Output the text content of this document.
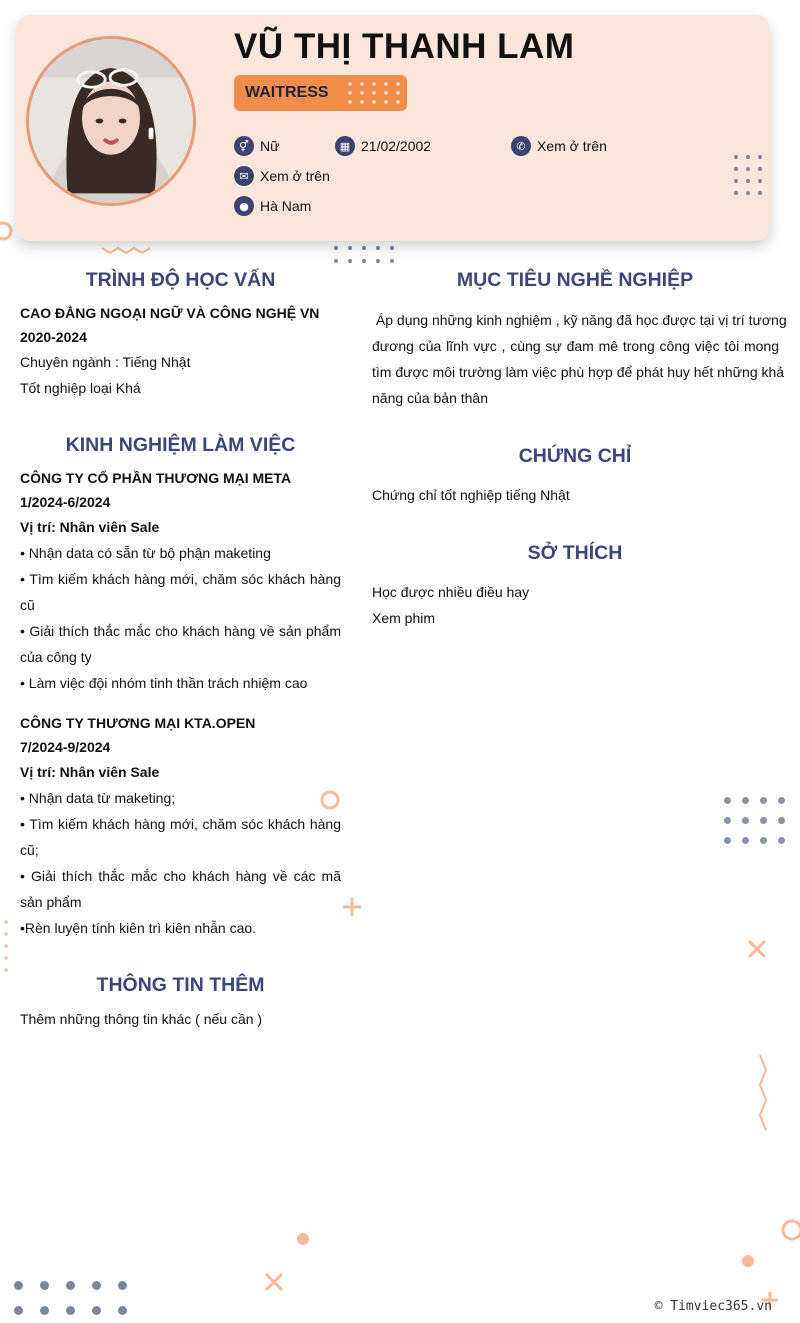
VŨ THỊ THANH LAM
WAITRESS
⚥ Nữ	▦ 21/02/2002	✆ Xem ở trên
✉ Xem ở trên
● Hà Nam
TRÌNH ĐỘ HỌC VẤN
CAO ĐẲNG NGOẠI NGỮ VÀ CÔNG NGHỆ VN
2020-2024
Chuyên ngành : Tiếng Nhật
Tốt nghiệp loại Khá
KINH NGHIỆM LÀM VIỆC
CÔNG TY CỔ PHẦN THƯƠNG MẠI META
1/2024-6/2024
Vị trí: Nhân viên Sale
• Nhận data có sẵn từ bộ phận maketing
• Tìm kiếm khách hàng mới, chăm sóc khách hàng
cũ
• Giải thích thắc mắc cho khách hàng về sản phẩm
của công ty
• Làm việc đội nhóm tinh thần trách nhiệm cao
CÔNG TY THƯƠNG MẠI KTA.OPEN
7/2024-9/2024
Vị trí: Nhân viên Sale
• Nhận data từ maketing;
• Tìm kiếm khách hàng mới, chăm sóc khách hàng
cũ;
• Giải thích thắc mắc cho khách hàng về các mã
sản phẩm
•Rèn luyện tính kiên trì kiên nhẫn cao.
THÔNG TIN THÊM
Thêm những thông tin khác ( nếu cần )
MỤC TIÊU NGHỀ NGHIỆP
Áp dụng những kinh nghiệm , kỹ năng đã học được tại vị trí tương
đương của lĩnh vực , cùng sự đam mê trong công việc tôi mong
tìm được môi trường làm việc phù hợp để phát huy hết những khả
năng của bản thân
CHỨNG CHỈ
Chứng chỉ tốt nghiệp tiếng Nhật
SỞ THÍCH
Học được nhiều điều hay
Xem phim
© Timviec365.vn
